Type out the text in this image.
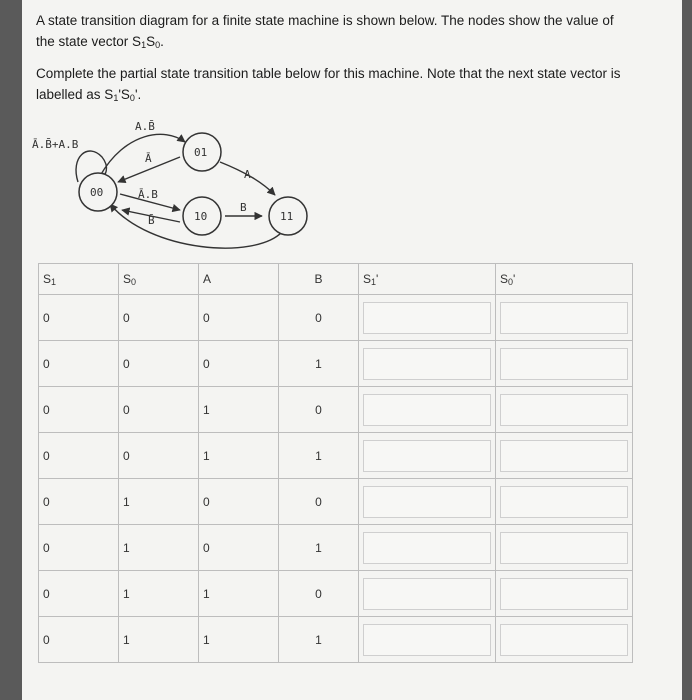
A state transition diagram for a finite state machine is shown below. The nodes show the value of the state vector $S_1S_0$.
Complete the partial state transition table below for this machine. Note that the next state vector is labelled as $S_1'S_0'$.
00
01
10	11
Ā.B̄+A.B
A.B̄
Ā
Ā.B
B̄
A
B
$S_1$	$S_0$	A	B	$S_1'$	$S_0'$
0	0	0	0	

0	0	0	1	

0	0	1	0	

0	0	1	1	

0	1	0	0	

0	1	0	1	

0	1	1	0	

0	1	1	1	
